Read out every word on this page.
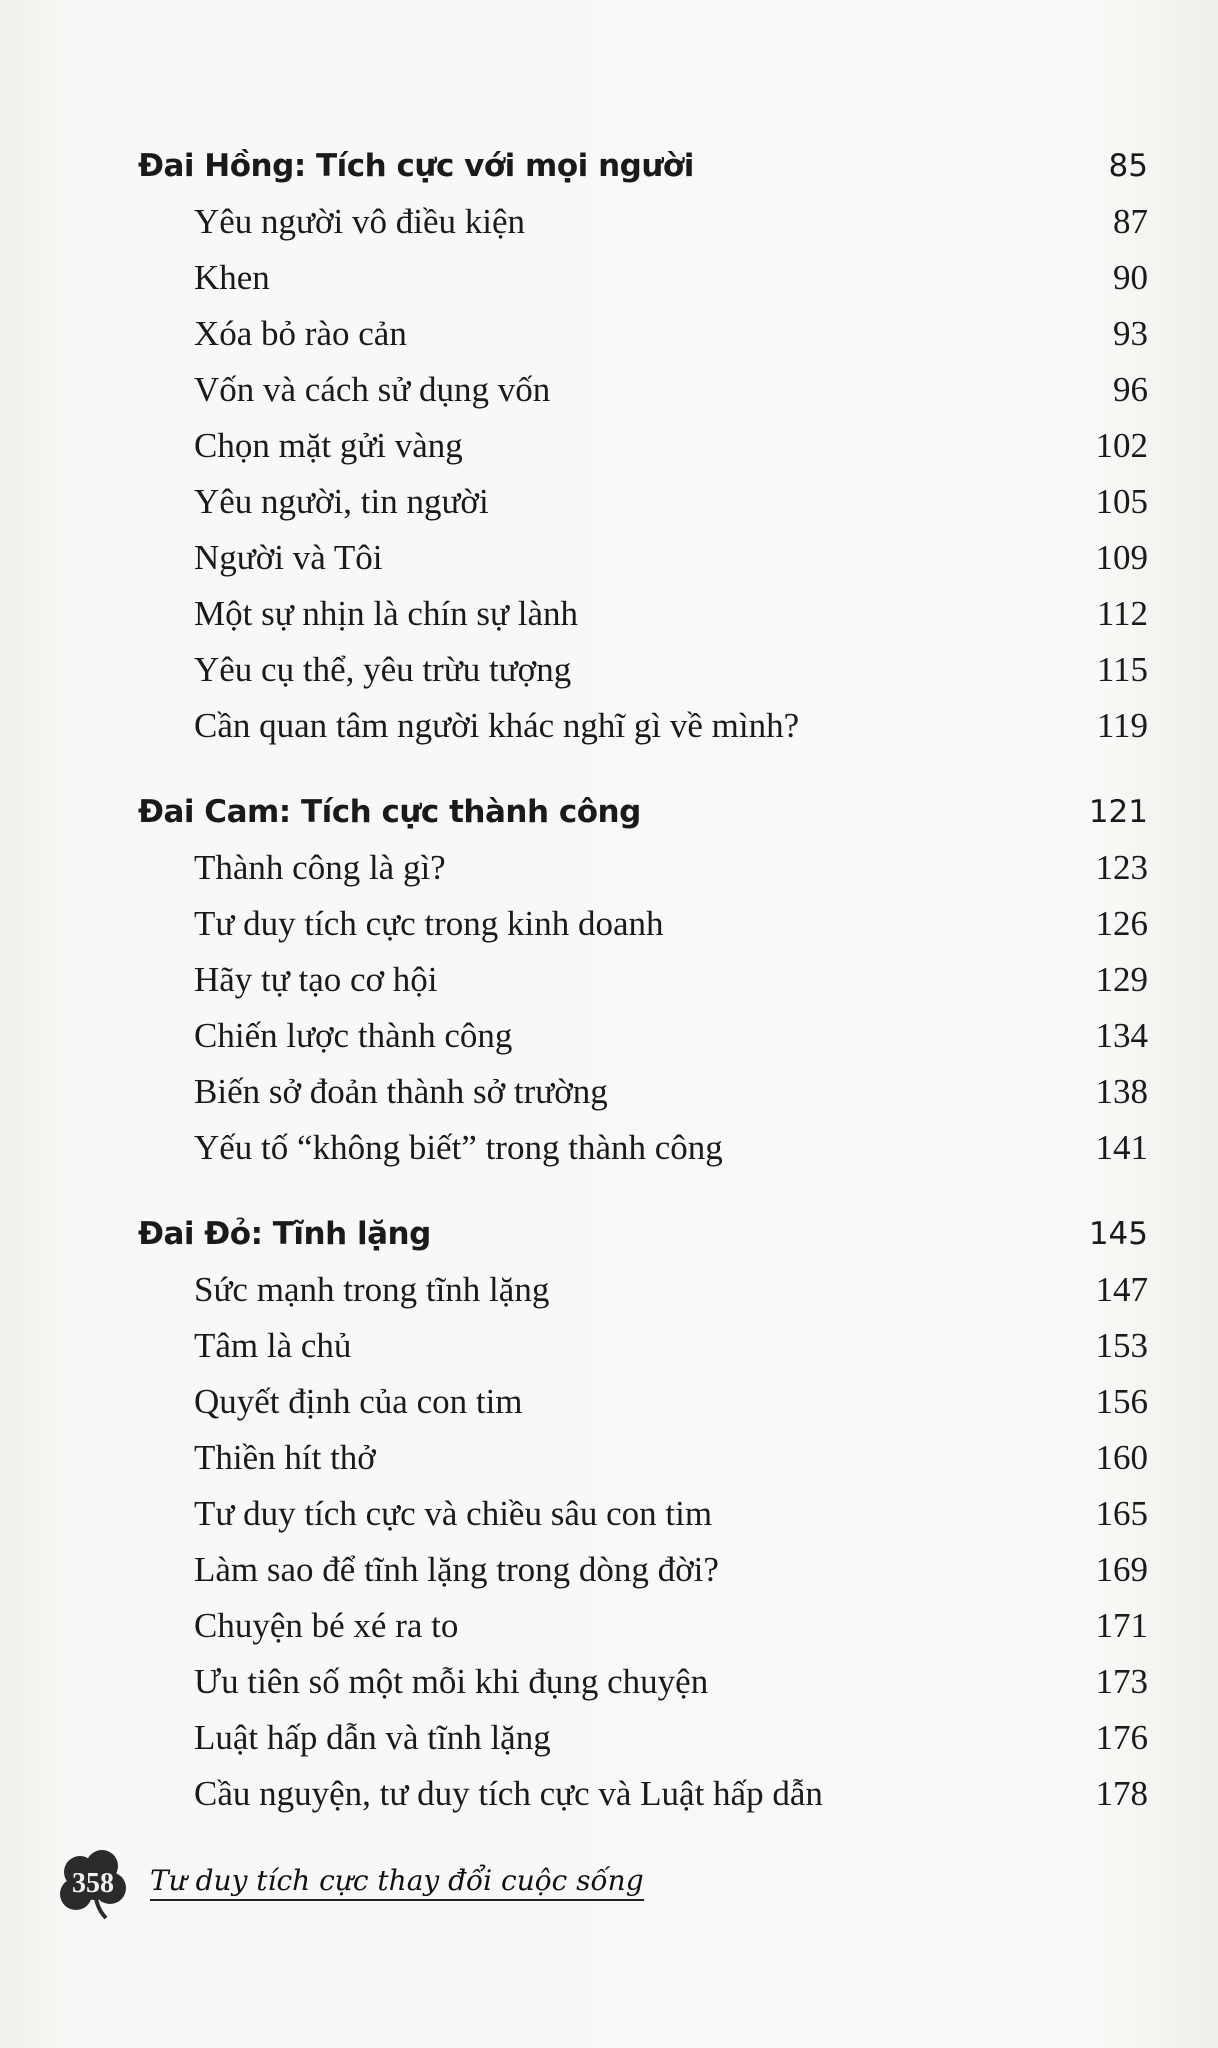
Đai Hồng: Tích cực với mọi người	85
Yêu người vô điều kiện	87
Khen	90
Xóa bỏ rào cản	93
Vốn và cách sử dụng vốn	96
Chọn mặt gửi vàng	102
Yêu người, tin người	105
Người và Tôi	109
Một sự nhịn là chín sự lành	112
Yêu cụ thể, yêu trừu tượng	115
Cần quan tâm người khác nghĩ gì về mình?	119
Đai Cam: Tích cực thành công	121
Thành công là gì?	123
Tư duy tích cực trong kinh doanh	126
Hãy tự tạo cơ hội	129
Chiến lược thành công	134
Biến sở đoản thành sở trường	138
Yếu tố “không biết” trong thành công	141
Đai Đỏ: Tĩnh lặng	145
Sức mạnh trong tĩnh lặng	147
Tâm là chủ	153
Quyết định của con tim	156
Thiền hít thở	160
Tư duy tích cực và chiều sâu con tim	165
Làm sao để tĩnh lặng trong dòng đời?	169
Chuyện bé xé ra to	171
Ưu tiên số một mỗi khi đụng chuyện	173
Luật hấp dẫn và tĩnh lặng	176
Cầu nguyện, tư duy tích cực và Luật hấp dẫn	178
358 Tư duy tích cực thay đổi cuộc sống
